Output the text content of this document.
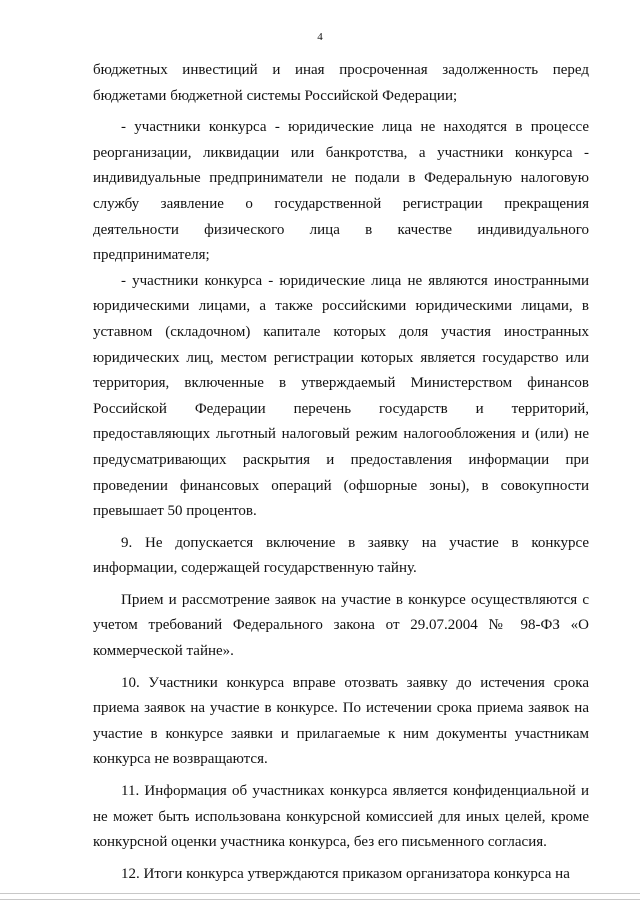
4

бюджетных инвестиций и иная просроченная задолженность перед бюджетами бюджетной системы Российской Федерации;

- участники конкурса - юридические лица не находятся в процессе реорганизации, ликвидации или банкротства, а участники конкурса - индивидуальные предприниматели не подали в Федеральную налоговую службу заявление о государственной регистрации прекращения деятельности физического лица в качестве индивидуального предпринимателя;

- участники конкурса - юридические лица не являются иностранными юридическими лицами, а также российскими юридическими лицами, в уставном (складочном) капитале которых доля участия иностранных юридических лиц, местом регистрации которых является государство или территория, включенные в утверждаемый Министерством финансов Российской Федерации перечень государств и территорий, предоставляющих льготный налоговый режим налогообложения и (или) не предусматривающих раскрытия и предоставления информации при проведении финансовых операций (офшорные зоны), в совокупности превышает 50 процентов.

9. Не допускается включение в заявку на участие в конкурсе информации, содержащей государственную тайну.

Прием и рассмотрение заявок на участие в конкурсе осуществляются с учетом требований Федерального закона от 29.07.2004 № 98-ФЗ «О коммерческой тайне».

10. Участники конкурса вправе отозвать заявку до истечения срока приема заявок на участие в конкурсе. По истечении срока приема заявок на участие в конкурсе заявки и прилагаемые к ним документы участникам конкурса не возвращаются.

11. Информация об участниках конкурса является конфиденциальной и не может быть использована конкурсной комиссией для иных целей, кроме конкурсной оценки участника конкурса, без его письменного согласия.

12. Итоги конкурса утверждаются приказом организатора конкурса на
